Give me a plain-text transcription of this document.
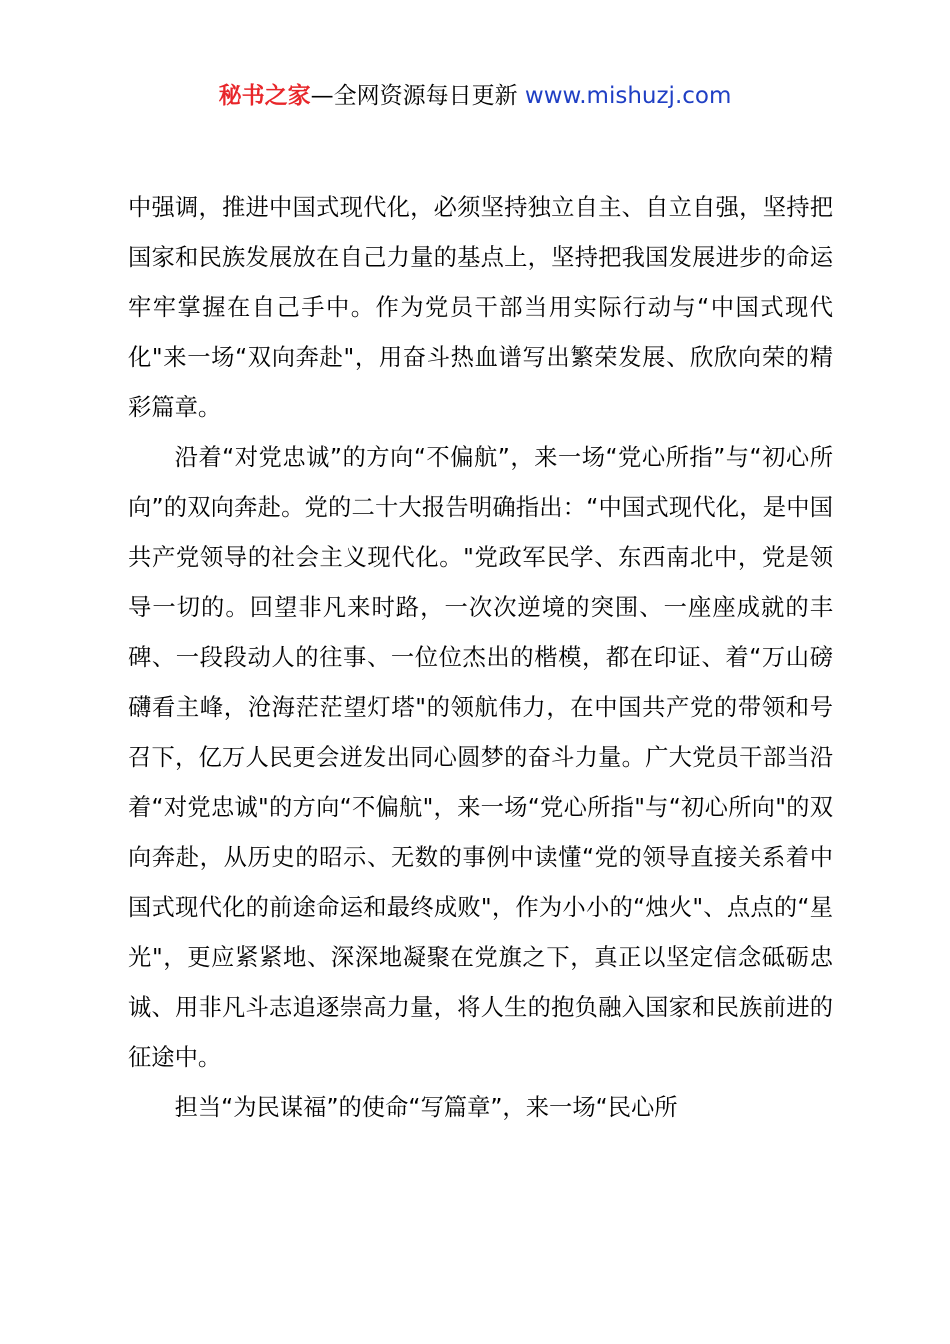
秘书之家—全网资源每日更新 www.mishuzj.com

中强调，推进中国式现代化，必须坚持独立自主、自立自强，坚持把国家和民族发展放在自己力量的基点上，坚持把我国发展进步的命运牢牢掌握在自己手中。作为党员干部当用实际行动与“中国式现代化"来一场“双向奔赴"，用奋斗热血谱写出繁荣发展、欣欣向荣的精彩篇章。

沿着“对党忠诚”的方向“不偏航”，来一场“党心所指”与“初心所向”的双向奔赴。党的二十大报告明确指出：“中国式现代化，是中国共产党领导的社会主义现代化。"党政军民学、东西南北中，党是领导一切的。回望非凡来时路，一次次逆境的突围、一座座成就的丰碑、一段段动人的往事、一位位杰出的楷模，都在印证、着“万山磅礴看主峰，沧海茫茫望灯塔"的领航伟力，在中国共产党的带领和号召下，亿万人民更会迸发出同心圆梦的奋斗力量。广大党员干部当沿着“对党忠诚"的方向“不偏航"，来一场“党心所指"与“初心所向"的双向奔赴，从历史的昭示、无数的事例中读懂“党的领导直接关系着中国式现代化的前途命运和最终成败"，作为小小的“烛火"、点点的“星光"，更应紧紧地、深深地凝聚在党旗之下，真正以坚定信念砥砺忠诚、用非凡斗志追逐崇高力量，将人生的抱负融入国家和民族前进的征途中。

担当“为民谋福”的使命“写篇章”，来一场“民心所
